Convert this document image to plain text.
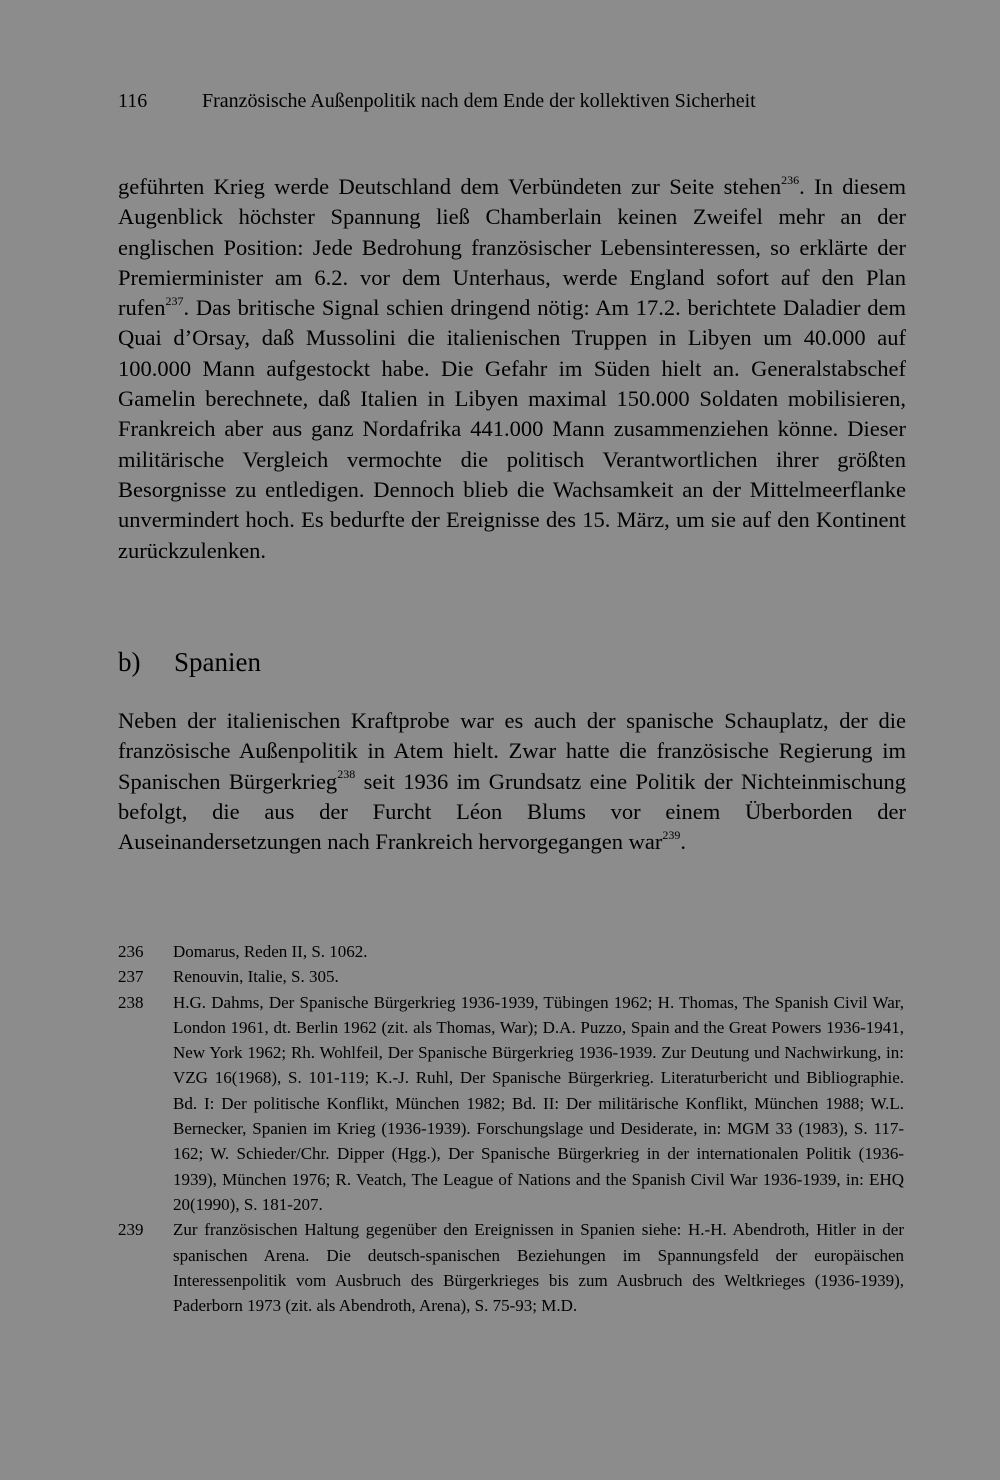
116	Französische Außenpolitik nach dem Ende der kollektiven Sicherheit

geführten Krieg werde Deutschland dem Verbündeten zur Seite stehen$^{236}$. In diesem Augenblick höchster Spannung ließ Chamberlain keinen Zweifel mehr an der englischen Position: Jede Bedrohung französischer Lebensinteressen, so erklärte der Premierminister am 6.2. vor dem Unterhaus, werde England sofort auf den Plan rufen$^{237}$. Das britische Signal schien dringend nötig: Am 17.2. berichtete Daladier dem Quai d’Orsay, daß Mussolini die italienischen Truppen in Libyen um 40.000 auf 100.000 Mann aufgestockt habe. Die Gefahr im Süden hielt an. Generalstabschef Gamelin berechnete, daß Italien in Libyen maximal 150.000 Soldaten mobilisieren, Frankreich aber aus ganz Nordafrika 441.000 Mann zusammenziehen könne. Dieser militärische Vergleich vermochte die politisch Verantwortlichen ihrer größten Besorgnisse zu entledigen. Dennoch blieb die Wachsamkeit an der Mittelmeerflanke unvermindert hoch. Es bedurfte der Ereignisse des 15. März, um sie auf den Kontinent zurückzulenken.

b) Spanien

Neben der italienischen Kraftprobe war es auch der spanische Schauplatz, der die französische Außenpolitik in Atem hielt. Zwar hatte die französische Regierung im Spanischen Bürgerkrieg$^{238}$ seit 1936 im Grundsatz eine Politik der Nichteinmischung befolgt, die aus der Furcht Léon Blums vor einem Überborden der Auseinandersetzungen nach Frankreich hervorgegangen war$^{239}$.

236	Domarus, Reden II, S. 1062.
237	Renouvin, Italie, S. 305.
238	H.G. Dahms, Der Spanische Bürgerkrieg 1936-1939, Tübingen 1962; H. Thomas, The Spanish Civil War, London 1961, dt. Berlin 1962 (zit. als Thomas, War); D.A. Puzzo, Spain and the Great Powers 1936-1941, New York 1962; Rh. Wohlfeil, Der Spanische Bürgerkrieg 1936-1939. Zur Deutung und Nachwirkung, in: VZG 16(1968), S. 101-119; K.-J. Ruhl, Der Spanische Bürgerkrieg. Literaturbericht und Bibliographie. Bd. I: Der politische Konflikt, München 1982; Bd. II: Der militärische Konflikt, München 1988; W.L. Bernecker, Spanien im Krieg (1936-1939). Forschungslage und Desiderate, in: MGM 33 (1983), S. 117-162; W. Schieder/Chr. Dipper (Hgg.), Der Spanische Bürgerkrieg in der internationalen Politik (1936-1939), München 1976; R. Veatch, The League of Nations and the Spanish Civil War 1936-1939, in: EHQ 20(1990), S. 181-207.
239	Zur französischen Haltung gegenüber den Ereignissen in Spanien siehe: H.-H. Abendroth, Hitler in der spanischen Arena. Die deutsch-spanischen Beziehungen im Spannungsfeld der europäischen Interessenpolitik vom Ausbruch des Bürgerkrieges bis zum Ausbruch des Weltkrieges (1936-1939), Paderborn 1973 (zit. als Abendroth, Arena), S. 75-93; M.D.
